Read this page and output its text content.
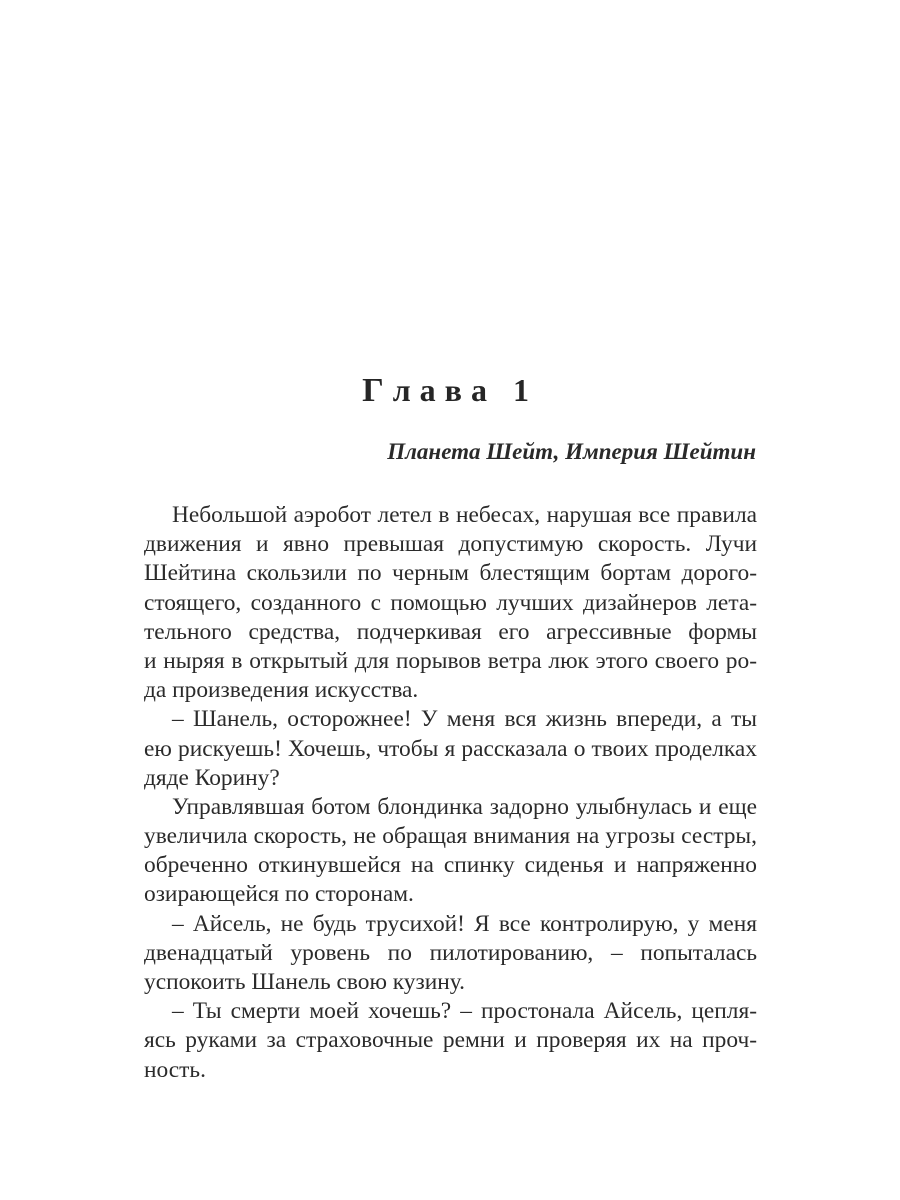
Глава 1

Планета Шейт, Империя Шейтин

Небольшой аэробот летел в небесах, нарушая все правила
движения и явно превышая допустимую скорость. Лучи
Шейтина скользили по черным блестящим бортам дорого-
стоящего, созданного с помощью лучших дизайнеров лета-
тельного средства, подчеркивая его агрессивные формы
и ныряя в открытый для порывов ветра люк этого своего ро-
да произведения искусства.
– Шанель, осторожнее! У меня вся жизнь впереди, а ты
ею рискуешь! Хочешь, чтобы я рассказала о твоих проделках
дяде Корину?
Управлявшая ботом блондинка задорно улыбнулась и еще
увеличила скорость, не обращая внимания на угрозы сестры,
обреченно откинувшейся на спинку сиденья и напряженно
озирающейся по сторонам.
– Айсель, не будь трусихой! Я все контролирую, у меня
двенадцатый уровень по пилотированию, – попыталась
успокоить Шанель свою кузину.
– Ты смерти моей хочешь? – простонала Айсель, цепля-
ясь руками за страховочные ремни и проверяя их на проч-
ность.
